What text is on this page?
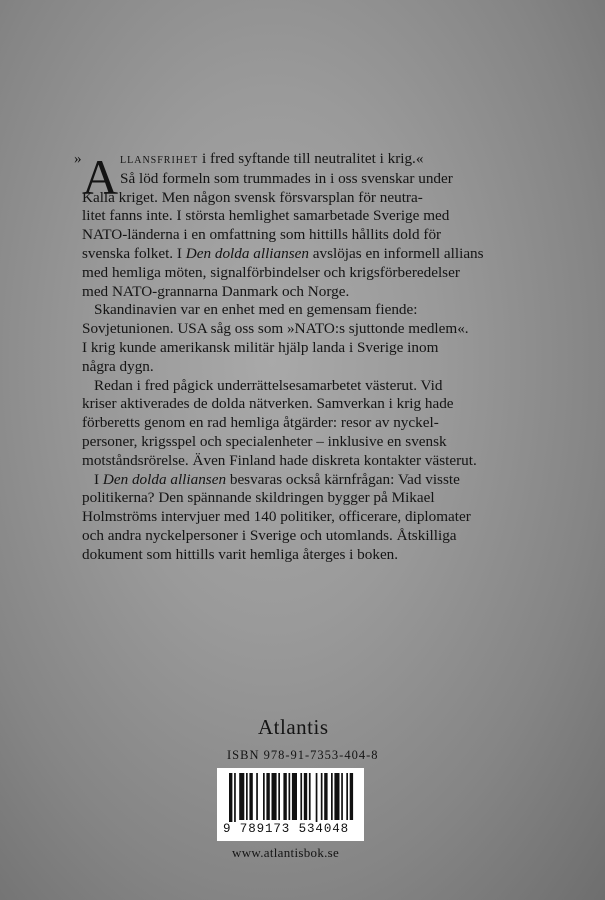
A

»	llansfrihet i fred syftande till neutralitet i krig.«
Så löd formeln som trummades in i oss svenskar under
Kalla kriget. Men någon svensk försvarsplan för neutra-
litet fanns inte. I största hemlighet samarbetade Sverige med
NATO-länderna i en omfattning som hittills hållits dold för
svenska folket. I Den dolda alliansen avslöjas en informell allians
med hemliga möten, signalförbindelser och krigsförberedelser
med NATO-grannarna Danmark och Norge.

Skandinavien var en enhet med en gemensam fiende:
Sovjetunionen. USA såg oss som »NATO:s sjuttonde medlem«.
I krig kunde amerikansk militär hjälp landa i Sverige inom
några dygn.

Redan i fred pågick underrättelsesamarbetet västerut. Vid
kriser aktiverades de dolda nätverken. Samverkan i krig hade
förberetts genom en rad hemliga åtgärder: resor av nyckel-
personer, krigsspel och specialenheter – inklusive en svensk
motståndsrörelse. Även Finland hade diskreta kontakter västerut.

I Den dolda alliansen besvaras också kärnfrågan: Vad visste
politikerna? Den spännande skildringen bygger på Mikael
Holmströms intervjuer med 140 politiker, officerare, diplomater
och andra nyckelpersoner i Sverige och utomlands. Åtskilliga
dokument som hittills varit hemliga återges i boken.

Atlantis
ISBN 978-91-7353-404-8
9 789173 534048
www.atlantisbok.se
